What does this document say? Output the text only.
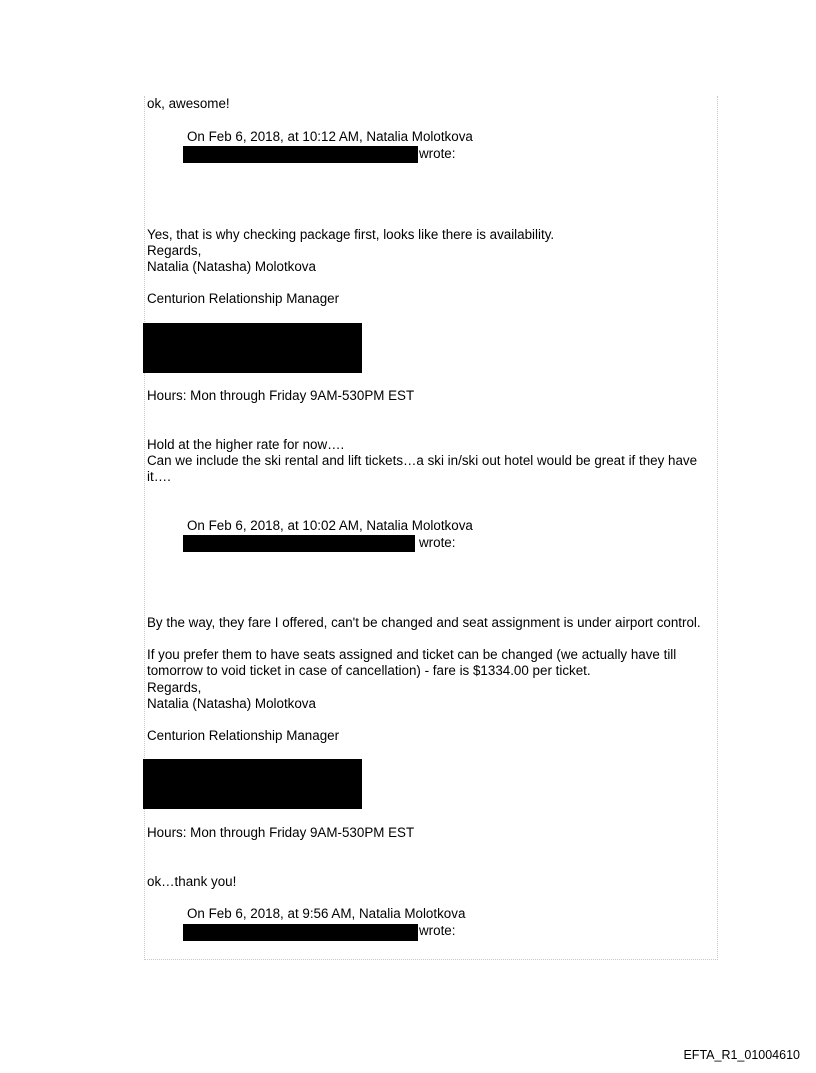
ok, awesome!

On Feb 6, 2018, at 10:12 AM, Natalia Molotkova

wrote:

Yes, that is why checking package first, looks like there is availability.

Regards,

Natalia (Natasha) Molotkova

Centurion Relationship Manager

Hours: Mon through Friday 9AM-530PM EST

Hold at the higher rate for now….

Can we include the ski rental and lift tickets…a ski in/ski out hotel would be great if they have it….

On Feb 6, 2018, at 10:02 AM, Natalia Molotkova

wrote:

By the way, they fare I offered, can't be changed and seat assignment is under airport control.

If you prefer them to have seats assigned and ticket can be changed (we actually have till tomorrow to void ticket in case of cancellation) - fare is $1334.00 per ticket.

Regards,

Natalia (Natasha) Molotkova

Centurion Relationship Manager

Hours: Mon through Friday 9AM-530PM EST

ok…thank you!

On Feb 6, 2018, at 9:56 AM, Natalia Molotkova

wrote:

EFTA_R1_01004610
